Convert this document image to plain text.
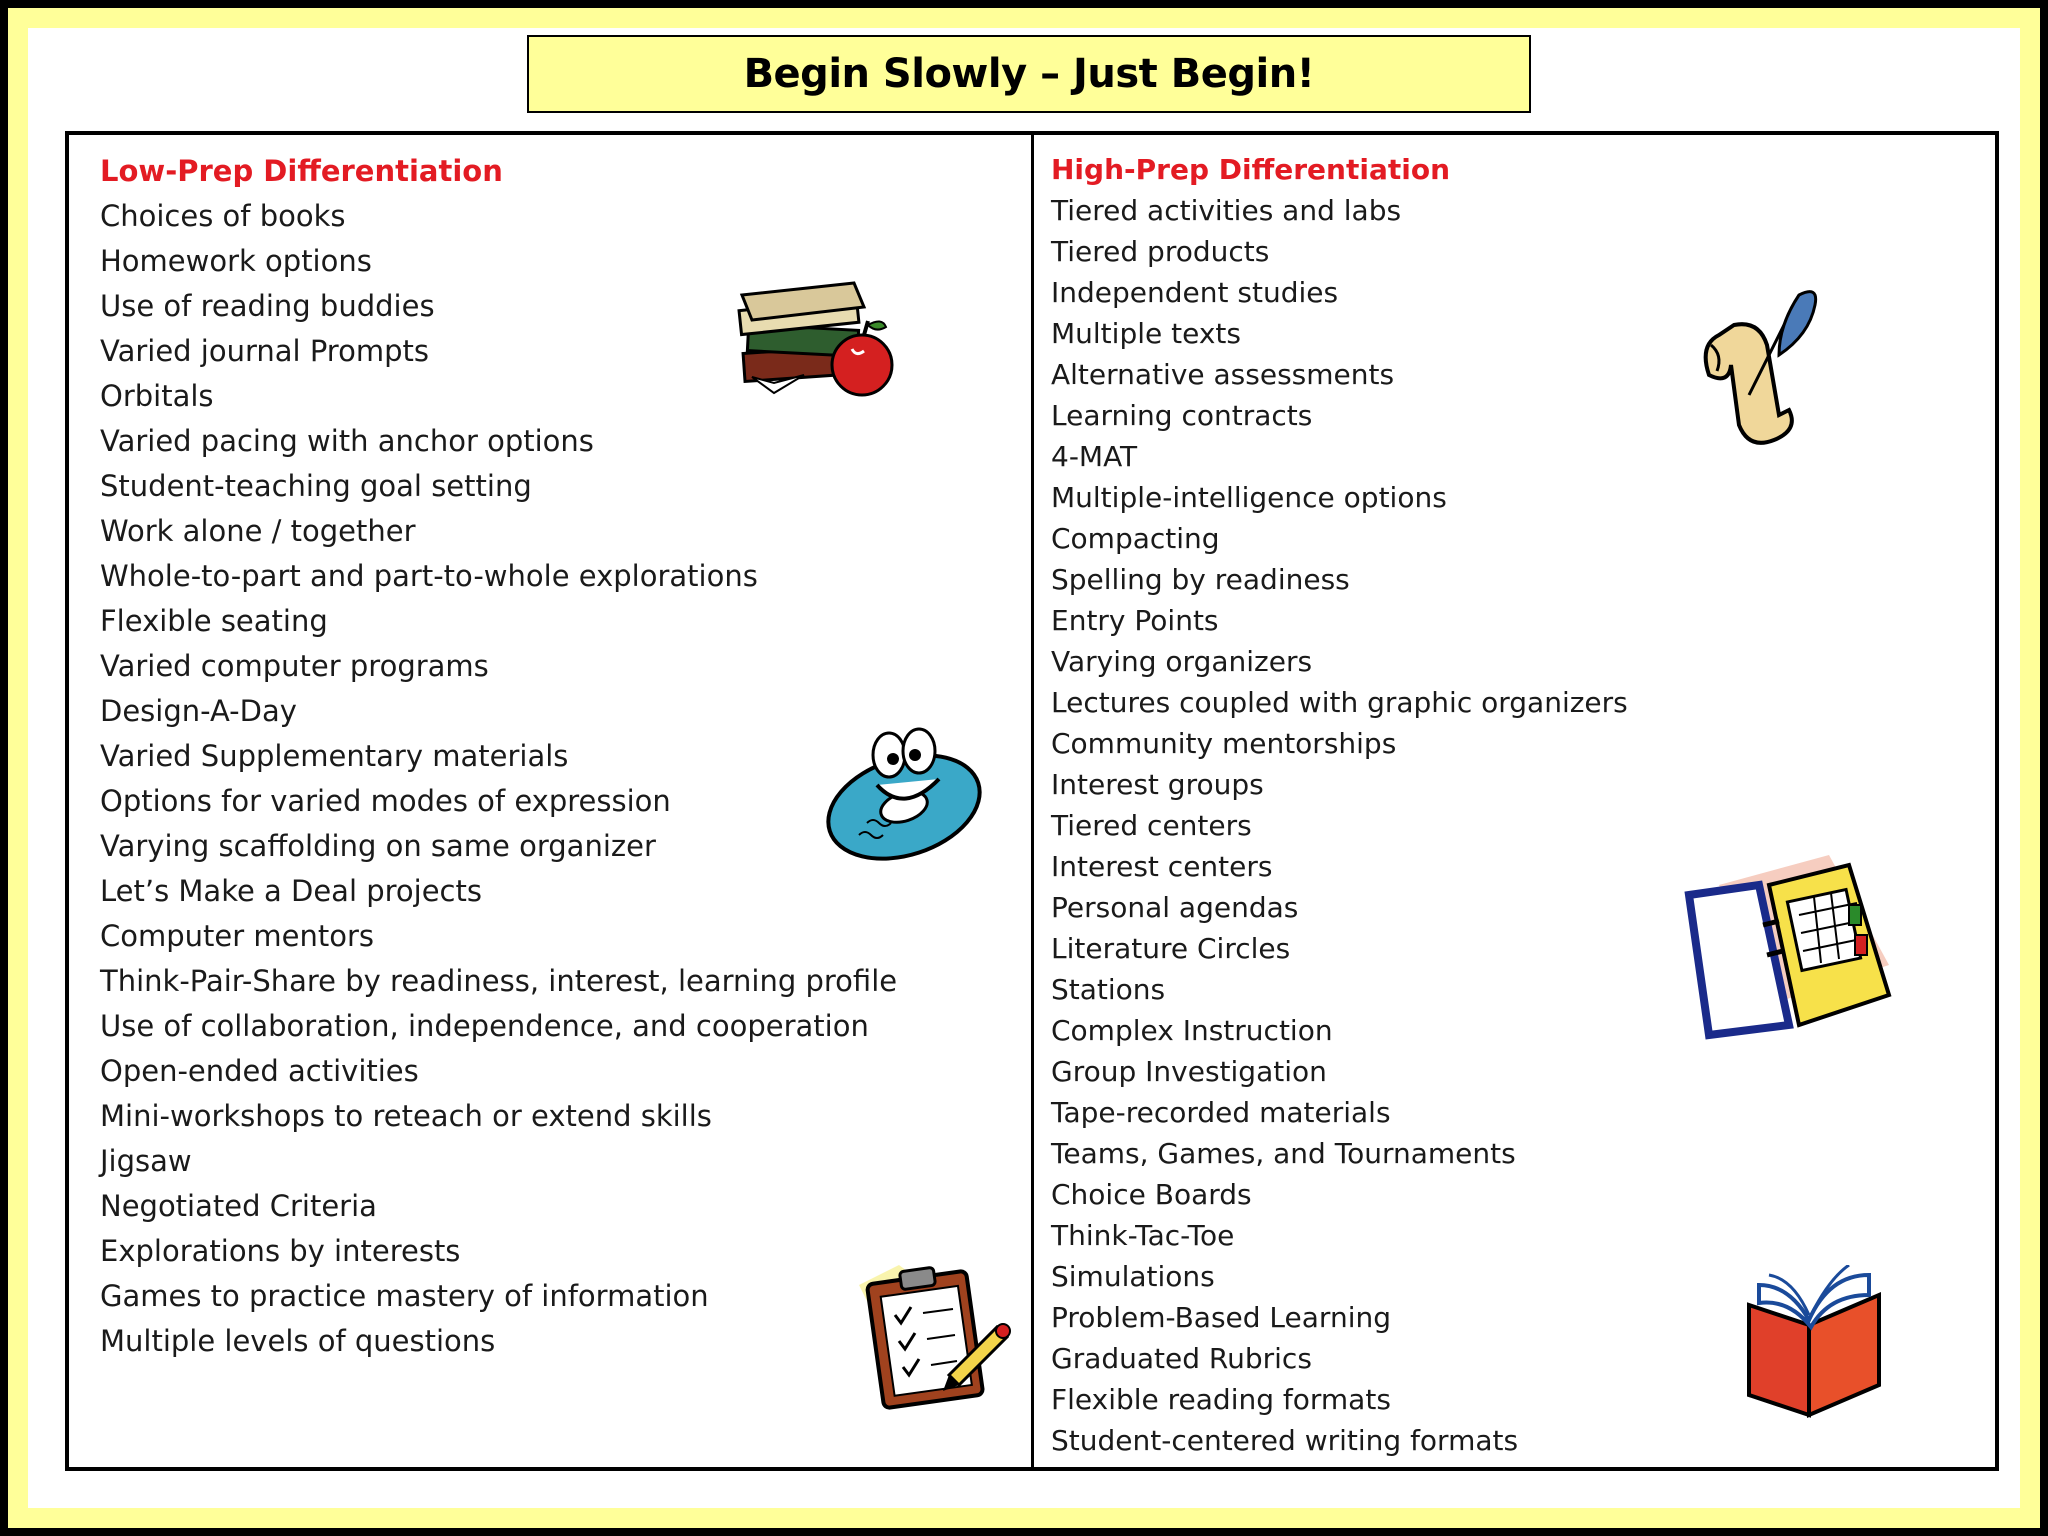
Begin Slowly – Just Begin!

Low-Prep Differentiation

Choices of books
Homework options
Use of reading buddies
Varied journal Prompts
Orbitals
Varied pacing with anchor options
Student-teaching goal setting
Work alone / together
Whole-to-part and part-to-whole explorations
Flexible seating
Varied computer programs
Design-A-Day
Varied Supplementary materials
Options for varied modes of expression
Varying scaffolding on same organizer
Let’s Make a Deal projects
Computer mentors
Think-Pair-Share by readiness, interest, learning profile
Use of collaboration, independence, and cooperation
Open-ended activities
Mini-workshops to reteach or extend skills
Jigsaw
Negotiated Criteria
Explorations by interests
Games to practice mastery of information
Multiple levels of questions

High-Prep Differentiation

Tiered activities and labs
Tiered products
Independent studies
Multiple texts
Alternative assessments
Learning contracts
4-MAT
Multiple-intelligence options
Compacting
Spelling by readiness
Entry Points
Varying organizers
Lectures coupled with graphic organizers
Community mentorships
Interest groups
Tiered centers
Interest centers
Personal agendas
Literature Circles
Stations
Complex Instruction
Group Investigation
Tape-recorded materials
Teams, Games, and Tournaments
Choice Boards
Think-Tac-Toe
Simulations
Problem-Based Learning
Graduated Rubrics
Flexible reading formats
Student-centered writing formats
